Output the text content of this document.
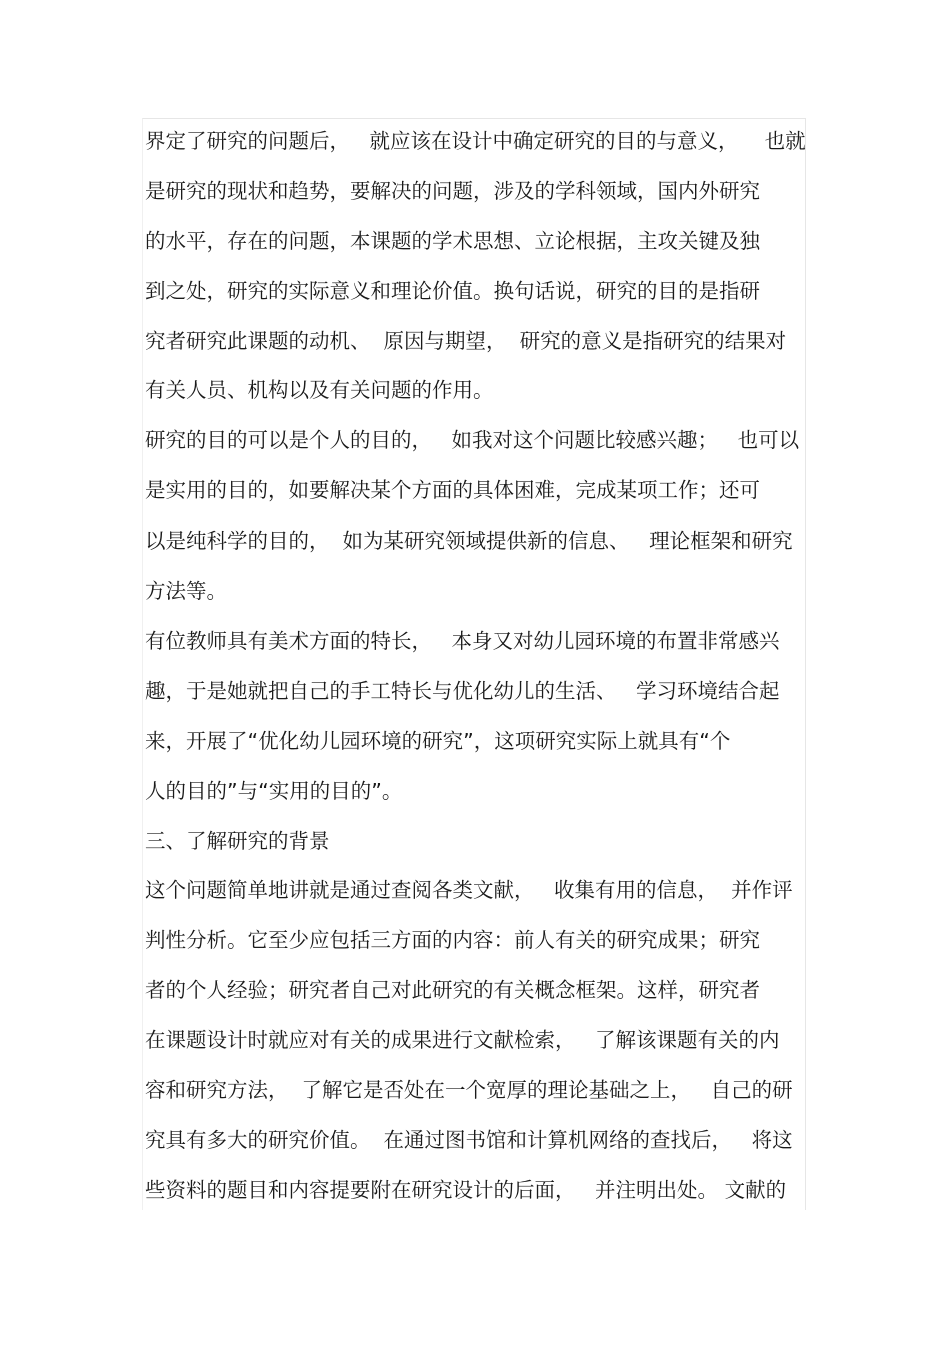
界定了研究的问题后，   就应该在设计中确定研究的目的与意义，    也就
是研究的现状和趋势，要解决的问题，涉及的学科领域，国内外研究
的水平，存在的问题，本课题的学术思想、立论根据，主攻关键及独
到之处，研究的实际意义和理论价值。换句话说，研究的目的是指研
究者研究此课题的动机、  原因与期望，  研究的意义是指研究的结果对
有关人员、机构以及有关问题的作用。
研究的目的可以是个人的目的，   如我对这个问题比较感兴趣；   也可以
是实用的目的，如要解决某个方面的具体困难，完成某项工作；还可
以是纯科学的目的，  如为某研究领域提供新的信息、   理论框架和研究
方法等。
有位教师具有美术方面的特长，   本身又对幼儿园环境的布置非常感兴
趣，于是她就把自己的手工特长与优化幼儿的生活、   学习环境结合起
来，开展了“优化幼儿园环境的研究”，这项研究实际上就具有“个
人的目的”与“实用的目的”。
三、了解研究的背景
这个问题简单地讲就是通过查阅各类文献，   收集有用的信息，  并作评
判性分析。它至少应包括三方面的内容：前人有关的研究成果；研究
者的个人经验；研究者自己对此研究的有关概念框架。这样，研究者
在课题设计时就应对有关的成果进行文献检索，   了解该课题有关的内
容和研究方法，  了解它是否处在一个宽厚的理论基础之上，   自己的研
究具有多大的研究价值。  在通过图书馆和计算机网络的查找后，   将这
些资料的题目和内容提要附在研究设计的后面，   并注明出处。 文献的
